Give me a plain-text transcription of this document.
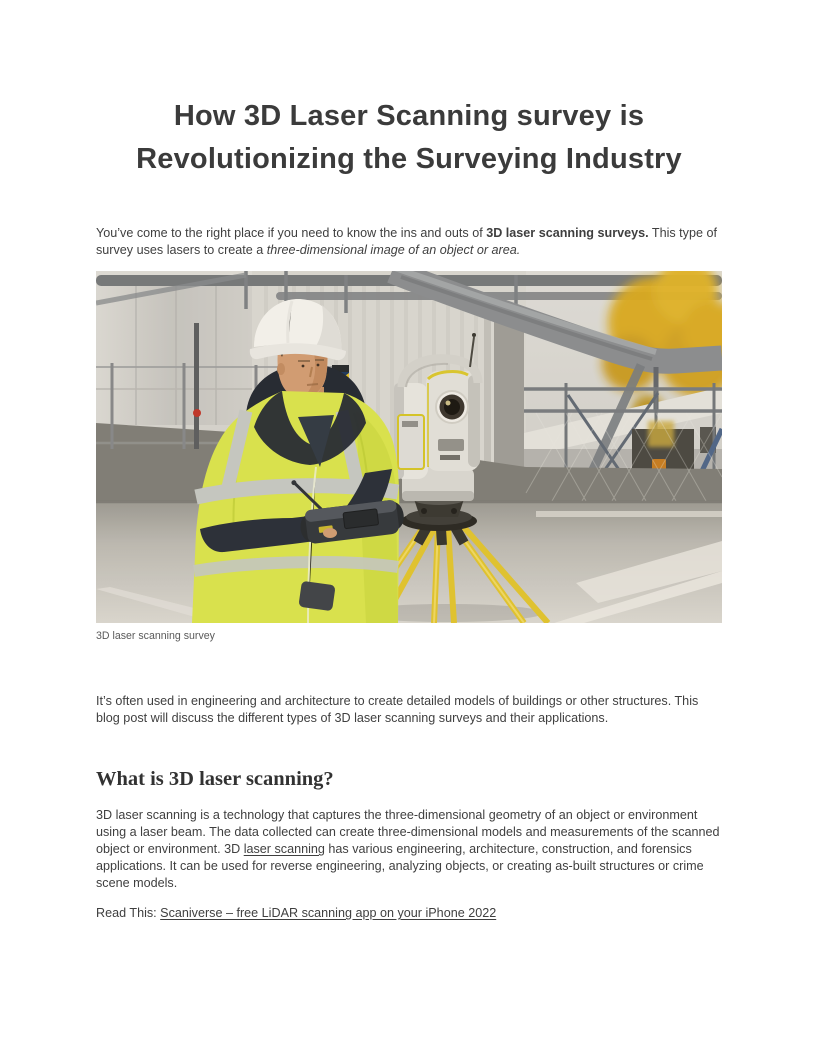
How 3D Laser Scanning survey is
Revolutionizing the Surveying Industry

You’ve come to the right place if you need to know the ins and outs of 3D laser scanning surveys. This type of survey uses lasers to create a three-dimensional image of an object or area.

3D laser scanning survey

It’s often used in engineering and architecture to create detailed models of buildings or other structures. This blog post will discuss the different types of 3D laser scanning surveys and their applications.

What is 3D laser scanning?

3D laser scanning is a technology that captures the three-dimensional geometry of an object or environment using a laser beam. The data collected can create three-dimensional models and measurements of the scanned object or environment. 3D laser scanning has various engineering, architecture, construction, and forensics applications. It can be used for reverse engineering, analyzing objects, or creating as-built structures or crime scene models.

Read This: Scaniverse – free LiDAR scanning app on your iPhone 2022
